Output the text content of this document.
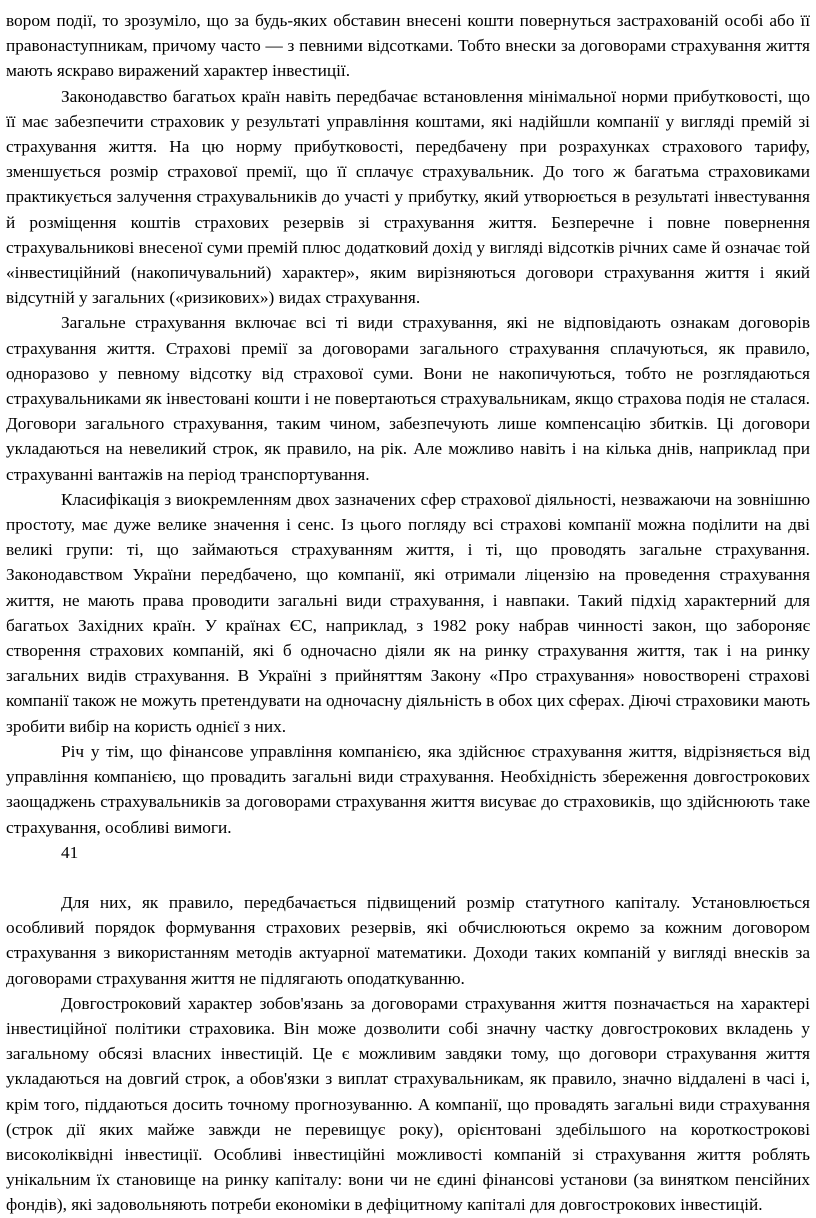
вором події, то зрозуміло, що за будь-яких обставин внесені кошти повернуться застрахованій особі або її правонаступникам, причому часто — з певними відсотками. Тобто внески за договорами страхування життя мають яскраво виражений характер інвестиції.

Законодавство багатьох країн навіть передбачає встановлення мінімальної норми прибутковості, що її має забезпечити страховик у результаті управління коштами, які надійшли компанії у вигляді премій зі страхування життя. На цю норму прибутковості, передбачену при розрахунках страхового тарифу, зменшується розмір страхової премії, що її сплачує страхувальник. До того ж багатьма страховиками практикується залучення страхувальників до участі у прибутку, який утворюється в результаті інвестування й розміщення коштів страхових резервів зі страхування життя. Безперечне і повне повернення страхувальникові внесеної суми премій плюс додатковий дохід у вигляді відсотків річних саме й означає той «інвестиційний (накопичувальний) характер», яким вирізняються договори страхування життя і який відсутній у загальних («ризикових») видах страхування.

Загальне страхування включає всі ті види страхування, які не відповідають ознакам договорів страхування життя. Страхові премії за договорами загального страхування сплачуються, як правило, одноразово у певному відсотку від страхової суми. Вони не накопичуються, тобто не розглядаються страхувальниками як інвестовані кошти і не повертаються страхувальникам, якщо страхова подія не сталася. Договори загального страхування, таким чином, забезпечують лише компенсацію збитків. Ці договори укладаються на невеликий строк, як правило, на рік. Але можливо навіть і на кілька днів, наприклад при страхуванні вантажів на період транспортування.

Класифікація з виокремленням двох зазначених сфер страхової діяльності, незважаючи на зовнішню простоту, має дуже велике значення і сенс. Із цього погляду всі страхові компанії можна поділити на дві великі групи: ті, що займаються страхуванням життя, і ті, що проводять загальне страхування. Законодавством України передбачено, що компанії, які отримали ліцензію на проведення страхування життя, не мають права проводити загальні види страхування, і навпаки. Такий підхід характерний для багатьох Західних країн. У країнах ЄС, наприклад, з 1982 року набрав чинності закон, що забороняє створення страхових компаній, які б одночасно діяли як на ринку страхування життя, так і на ринку загальних видів страхування. В Україні з прийняттям Закону «Про страхування» новостворені страхові компанії також не можуть претендувати на одночасну діяльність в обох цих сферах. Діючі страховики мають зробити вибір на користь однієї з них.

Річ у тім, що фінансове управління компанією, яка здійснює страхування життя, відрізняється від управління компанією, що провадить загальні види страхування. Необхідність збереження довгострокових заощаджень страхувальників за договорами страхування життя висуває до страховиків, що здійснюють таке страхування, особливі вимоги.

41

Для них, як правило, передбачається підвищений розмір статутного капіталу. Установлюється особливий порядок формування страхових резервів, які обчислюються окремо за кожним договором страхування з використанням методів актуарної математики. Доходи таких компаній у вигляді внесків за договорами страхування життя не підлягають оподаткуванню.

Довгостроковий характер зобов'язань за договорами страхування життя позначається на характері інвестиційної політики страховика. Він може дозволити собі значну частку довгострокових вкладень у загальному обсязі власних інвестицій. Це є можливим завдяки тому, що договори страхування життя укладаються на довгий строк, а обов'язки з виплат страхувальникам, як правило, значно віддалені в часі і, крім того, піддаються досить точному прогнозуванню. А компанії, що провадять загальні види страхування (строк дії яких майже завжди не перевищує року), орієнтовані здебільшого на короткострокові високоліквідні інвестиції. Особливі інвестиційні можливості компаній зі страхування життя роблять унікальним їх становище на ринку капіталу: вони чи не єдині фінансові установи (за винятком пенсійних фондів), які задовольняють потреби економіки в дефіцитному капіталі для довгострокових інвестицій.
